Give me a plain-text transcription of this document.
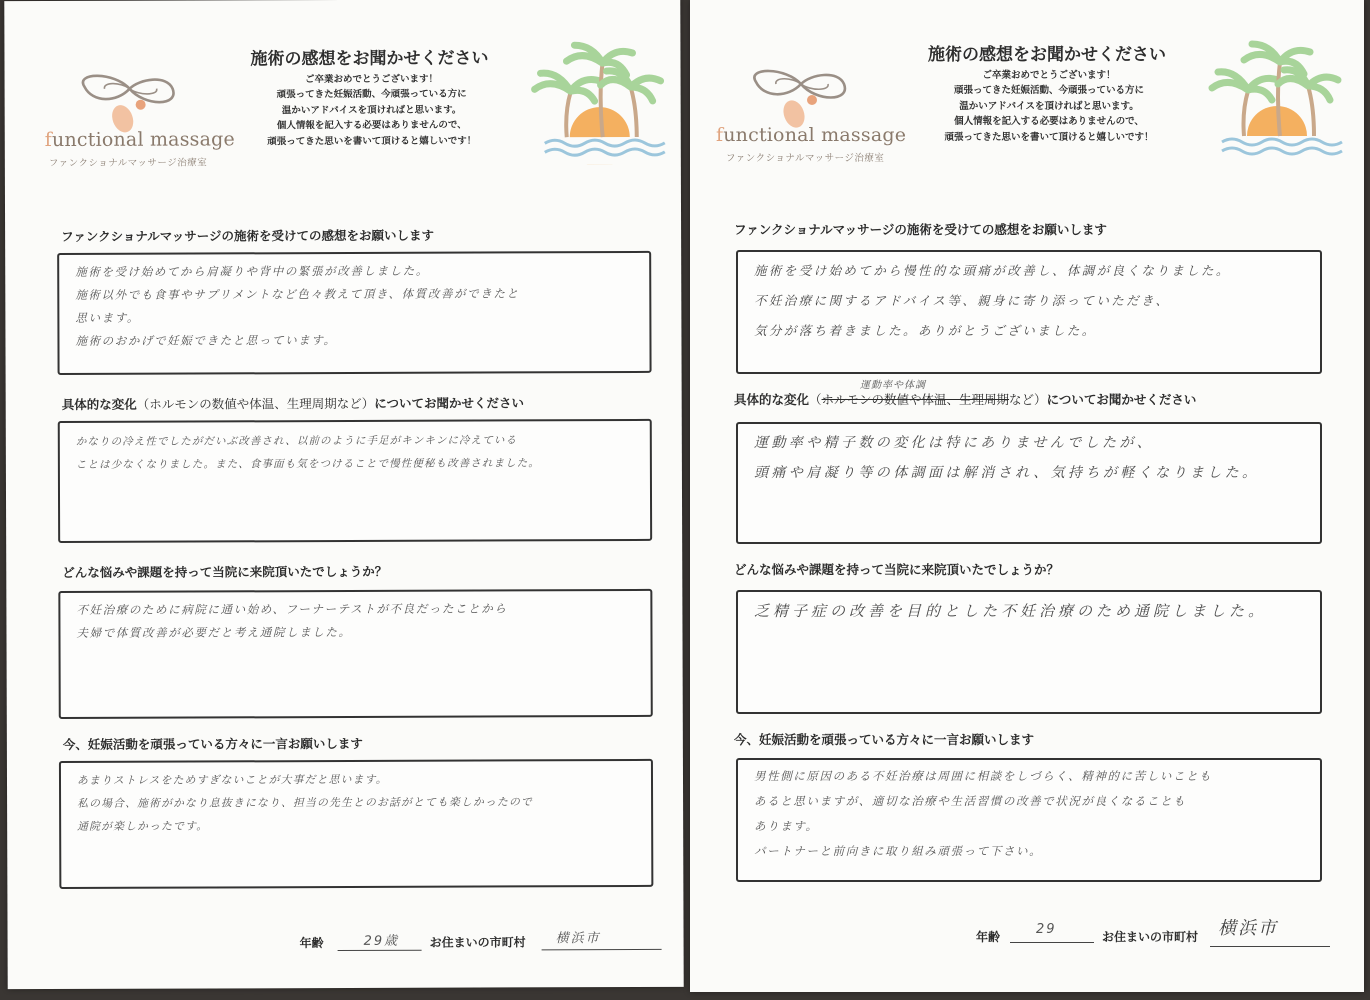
functional massage
ファンクショナルマッサージ治療室
施術の感想をお聞かせください
ご卒業おめでとうございます！
頑張ってきた妊娠活動、今頑張っている方に
温かいアドバイスを頂ければと思います。
個人情報を記入する必要はありませんので、
頑張ってきた思いを書いて頂けると嬉しいです！
ファンクショナルマッサージの施術を受けての感想をお願いします
施術を受け始めてから肩凝りや背中の緊張が改善しました。
施術以外でも食事やサプリメントなど色々教えて頂き、体質改善ができたと
思います。
施術のおかげで妊娠できたと思っています。
具体的な変化（ホルモンの数値や体温、生理周期など）についてお聞かせください
かなりの冷え性でしたがだいぶ改善され、以前のように手足がキンキンに冷えている
ことは少なくなりました。また、食事面も気をつけることで慢性便秘も改善されました。
どんな悩みや課題を持って当院に来院頂いたでしょうか？
不妊治療のために病院に通い始め、フーナーテストが不良だったことから
夫婦で体質改善が必要だと考え通院しました。
今、妊娠活動を頑張っている方々に一言お願いします
あまりストレスをためすぎないことが大事だと思います。
私の場合、施術がかなり息抜きになり、担当の先生とのお話がとても楽しかったので
通院が楽しかったです。
年齢	29歳	お住まいの市町村 横浜市
functional massage
ファンクショナルマッサージ治療室
施術の感想をお聞かせください
ご卒業おめでとうございます！
頑張ってきた妊娠活動、今頑張っている方に
温かいアドバイスを頂ければと思います。
個人情報を記入する必要はありませんので、
頑張ってきた思いを書いて頂けると嬉しいです！
ファンクショナルマッサージの施術を受けての感想をお願いします
施術を受け始めてから慢性的な頭痛が改善し、体調が良くなりました。
不妊治療に関するアドバイス等、親身に寄り添っていただき、
気分が落ち着きました。ありがとうございました。
運動率や体調
具体的な変化（ホルモンの数値や体温、生理周期など）についてお聞かせください
運動率や精子数の変化は特にありませんでしたが、
頭痛や肩凝り等の体調面は解消され、気持ちが軽くなりました。
どんな悩みや課題を持って当院に来院頂いたでしょうか？
乏精子症の改善を目的とした不妊治療のため通院しました。
今、妊娠活動を頑張っている方々に一言お願いします
男性側に原因のある不妊治療は周囲に相談をしづらく、精神的に苦しいことも
あると思いますが、適切な治療や生活習慣の改善で状況が良くなることも
あります。
パートナーと前向きに取り組み頑張って下さい。
年齢	29	お住まいの市町村 横浜市
